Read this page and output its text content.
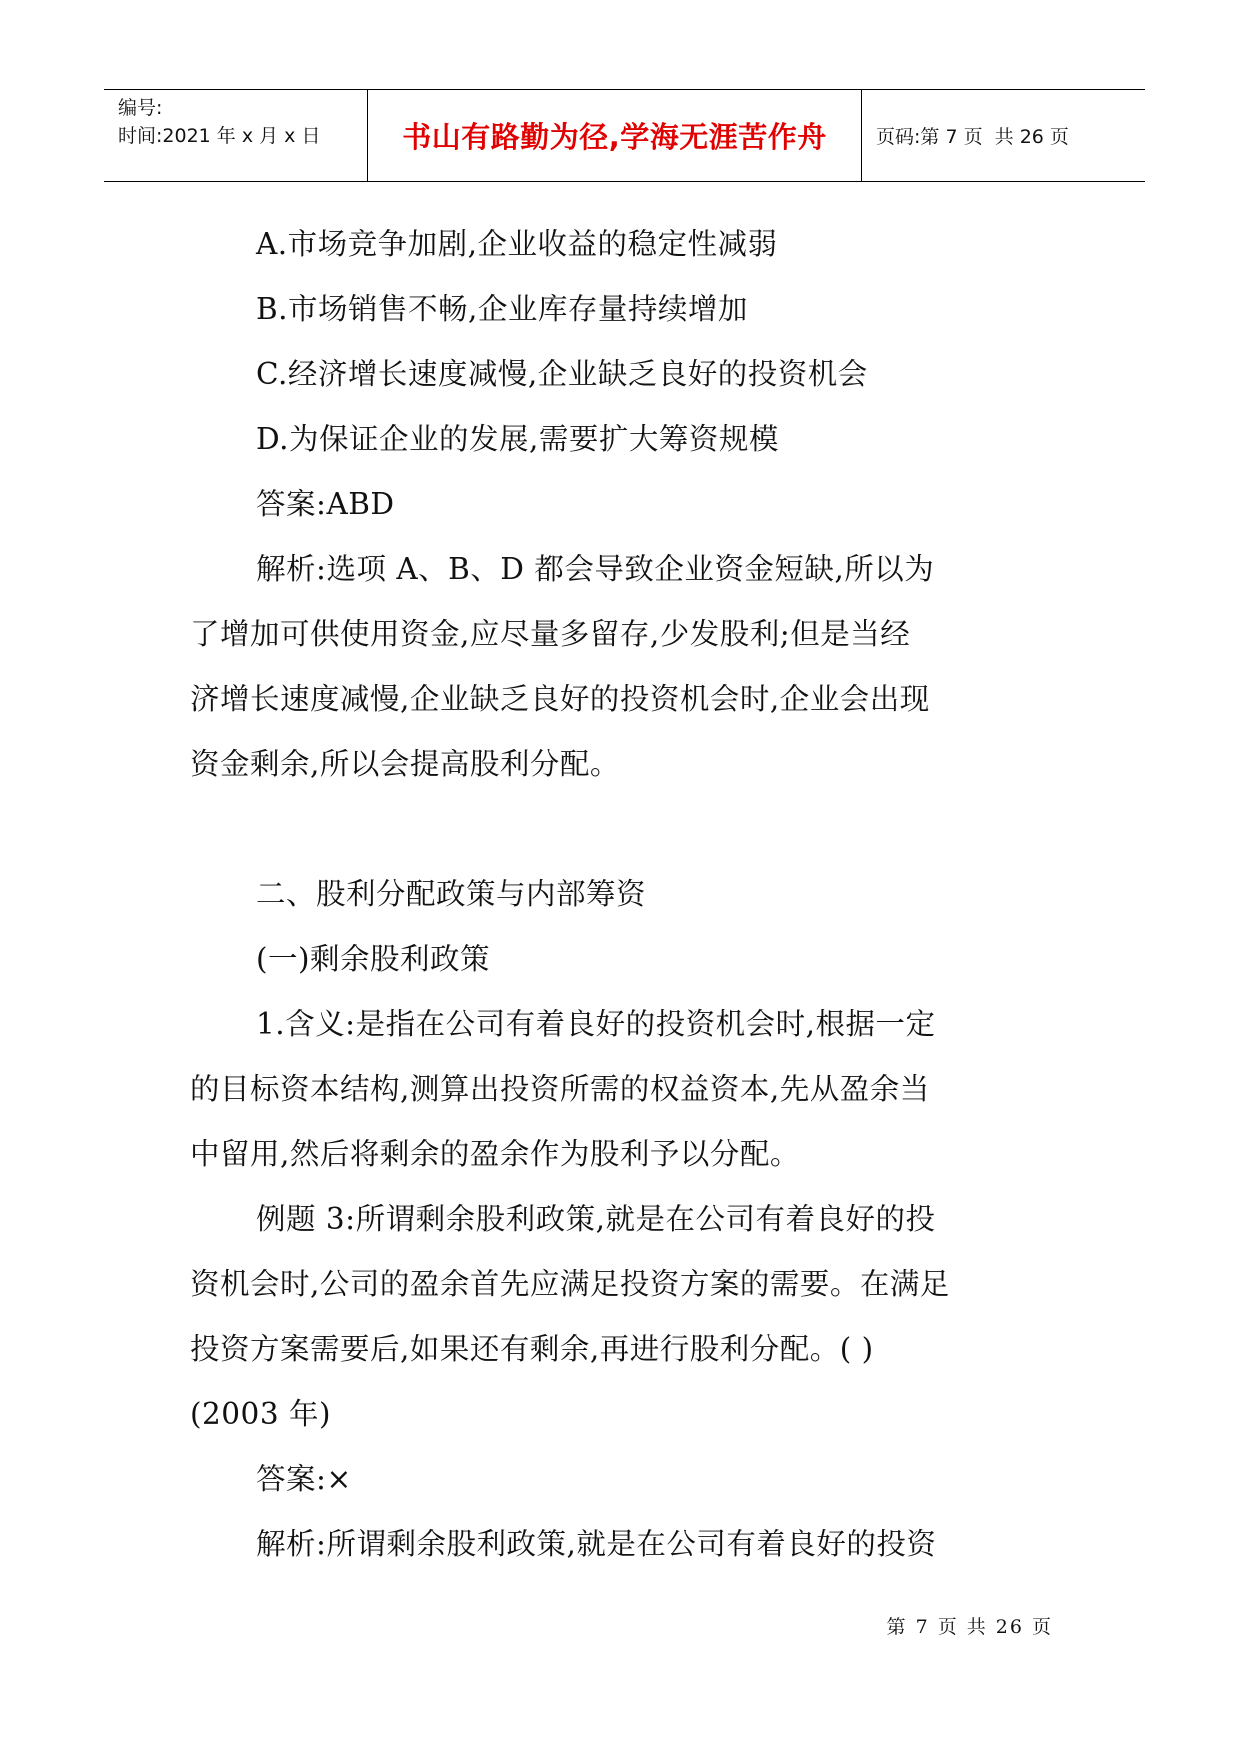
编号:
时间:2021 年 x 月 x 日	书山有路勤为径,学海无涯苦作舟	页码:第 7 页  共 26 页

A.市场竞争加剧,企业收益的稳定性减弱

B.市场销售不畅,企业库存量持续增加

C.经济增长速度减慢,企业缺乏良好的投资机会

D.为保证企业的发展,需要扩大筹资规模

答案:ABD

解析:选项 A、B、D 都会导致企业资金短缺,所以为

了增加可供使用资金,应尽量多留存,少发股利;但是当经

济增长速度减慢,企业缺乏良好的投资机会时,企业会出现

资金剩余,所以会提高股利分配。

二、股利分配政策与内部筹资

(一)剩余股利政策

1.含义:是指在公司有着良好的投资机会时,根据一定

的目标资本结构,测算出投资所需的权益资本,先从盈余当

中留用,然后将剩余的盈余作为股利予以分配。

例题 3:所谓剩余股利政策,就是在公司有着良好的投

资机会时,公司的盈余首先应满足投资方案的需要。在满足

投资方案需要后,如果还有剩余,再进行股利分配。( )

(2003 年)

答案:×

解析:所谓剩余股利政策,就是在公司有着良好的投资

第 7 页 共 26 页
